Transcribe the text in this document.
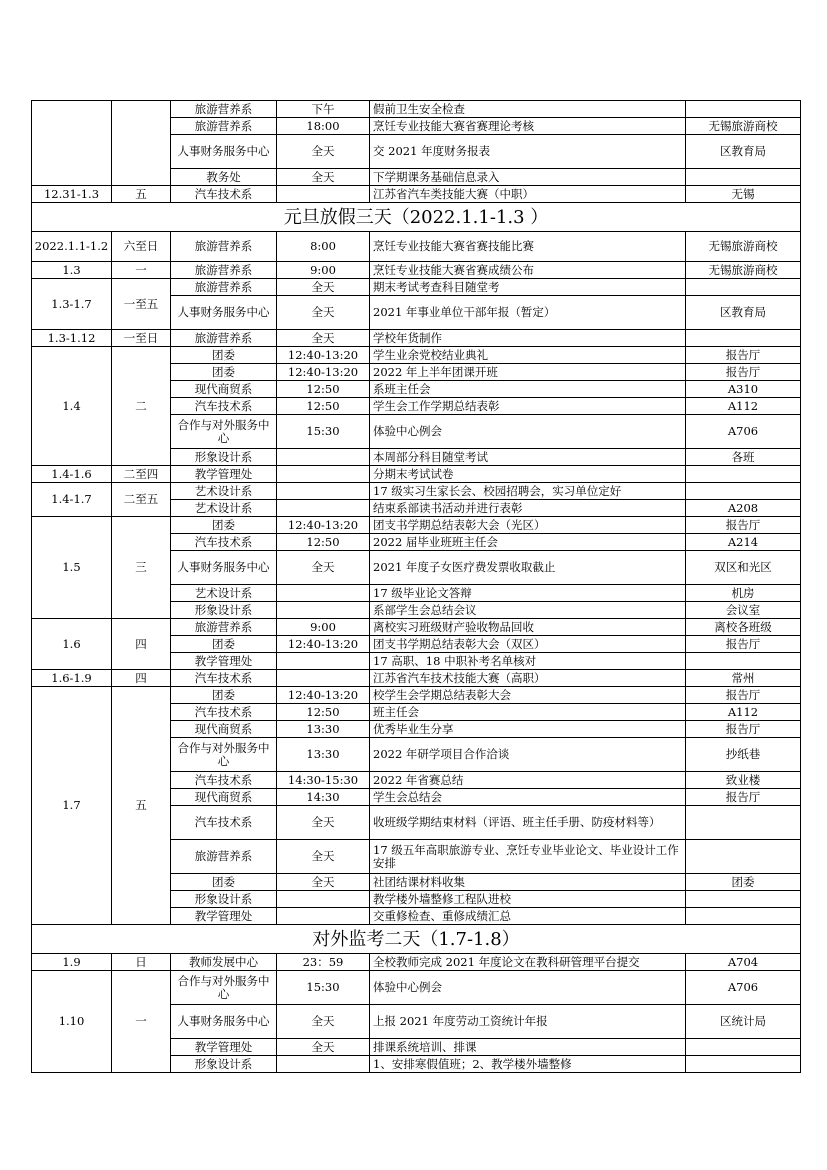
		旅游营养系	下午	假前卫生安全检查	
		旅游营养系	18:00	烹饪专业技能大赛省赛理论考核	无锡旅游商校
		人事财务服务中心	全天	交 2021 年度财务报表	区教育局
		教务处	全天	下学期课务基础信息录入	
12.31-1.3	五	汽车技术系		江苏省汽车类技能大赛（中职）	无锡
元旦放假三天（2022.1.1-1.3 ）					
2022.1.1-1.2	六至日	旅游营养系	8:00	烹饪专业技能大赛省赛技能比赛	无锡旅游商校
1.3	一	旅游营养系	9:00	烹饪专业技能大赛省赛成绩公布	无锡旅游商校
1.3-1.7	一至五	旅游营养系	全天	期末考试考查科目随堂考	
		人事财务服务中心	全天	2021 年事业单位干部年报（暂定）	区教育局
1.3-1.12	一至日	旅游营养系	全天	学校年货制作	
1.4	二	团委	12:40-13:20	学生业余党校结业典礼	报告厅
		团委	12:40-13:20	2022 年上半年团课开班	报告厅
		现代商贸系	12:50	系班主任会	A310
		汽车技术系	12:50	学生会工作学期总结表彰	A112
		合作与对外服务中心	15:30	体验中心例会	A706
		形象设计系		本周部分科目随堂考试	各班
1.4-1.6	二至四	教学管理处		分期末考试试卷	
1.4-1.7	二至五	艺术设计系		17 级实习生家长会、校园招聘会，实习单位定好	
		艺术设计系		结束系部读书活动并进行表彰	A208
1.5	三	团委	12:40-13:20	团支书学期总结表彰大会（光区）	报告厅
		汽车技术系	12:50	2022 届毕业班班主任会	A214
		人事财务服务中心	全天	2021 年度子女医疗费发票收取截止	双区和光区
		艺术设计系		17 级毕业论文答辩	机房
		形象设计系		系部学生会总结会议	会议室
1.6	四	旅游营养系	9:00	离校实习班级财产验收物品回收	离校各班级
		团委	12:40-13:20	团支书学期总结表彰大会（双区）	报告厅
		教学管理处		17 高职、18 中职补考名单核对	
1.6-1.9	四	汽车技术系		江苏省汽车技术技能大赛（高职）	常州
1.7	五	团委	12:40-13:20	校学生会学期总结表彰大会	报告厅
		汽车技术系	12:50	班主任会	A112
		现代商贸系	13:30	优秀毕业生分享	报告厅
		合作与对外服务中心	13:30	2022 年研学项目合作洽谈	抄纸巷
		汽车技术系	14:30-15:30	2022 年省赛总结	致业楼
		现代商贸系	14:30	学生会总结会	报告厅
		汽车技术系	全天	收班级学期结束材料（评语、班主任手册、防疫材料等）	
		旅游营养系	全天	17 级五年高职旅游专业、烹饪专业毕业论文、毕业设计工作安排	
		团委	全天	社团结课材料收集	团委
		形象设计系		教学楼外墙整修工程队进校	
		教学管理处		交重修检查、重修成绩汇总	
对外监考二天（1.7-1.8）					
1.9	日	教师发展中心	23：59	全校教师完成 2021 年度论文在教科研管理平台提交	A704
1.10	一	合作与对外服务中心	15:30	体验中心例会	A706
		人事财务服务中心	全天	上报 2021 年度劳动工资统计年报	区统计局
		教学管理处	全天	排课系统培训、排课	
		形象设计系		1、安排寒假值班；2、教学楼外墙整修	
